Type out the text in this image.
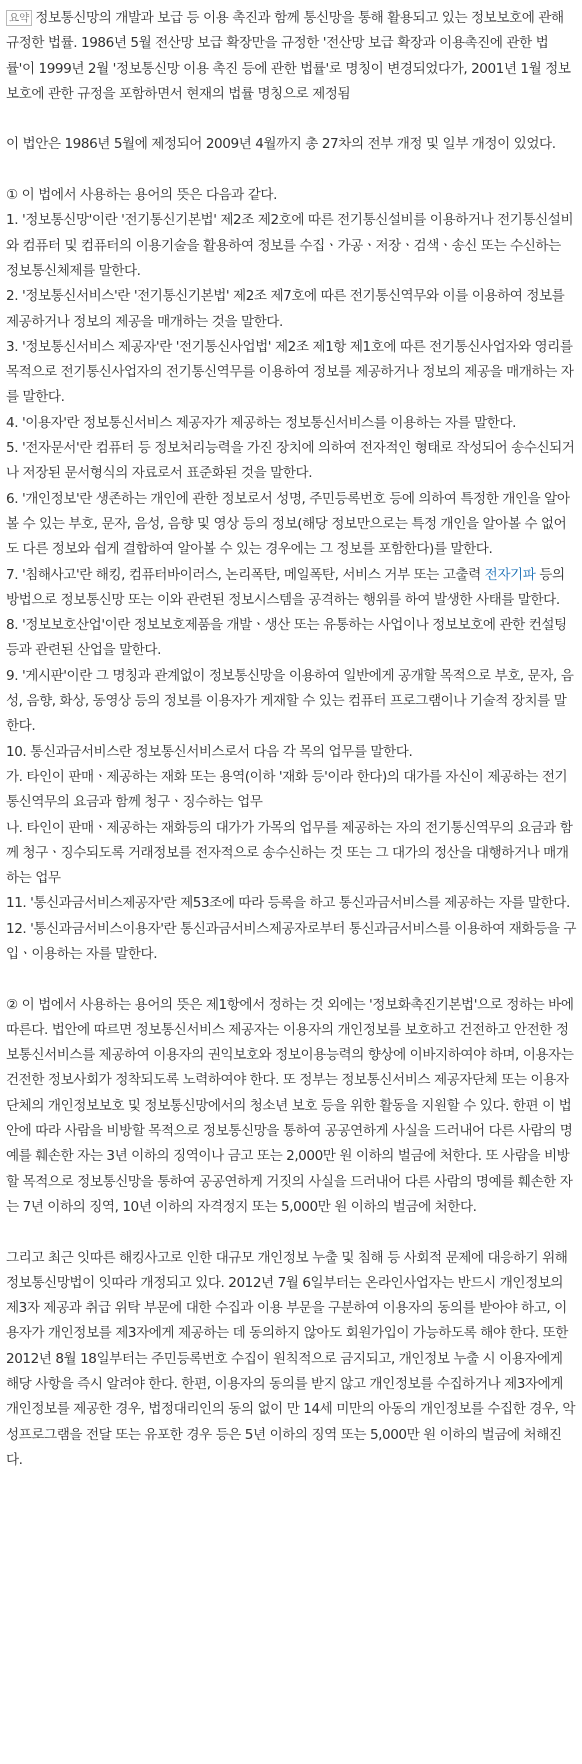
요약 정보통신망의 개발과 보급 등 이용 촉진과 함께 통신망을 통해 활용되고 있는 정보보호에 관해 규정한 법률. 1986년 5월 전산망 보급 확장만을 규정한 '전산망 보급 확장과 이용촉진에 관한 법률'이 1999년 2월 '정보통신망 이용 촉진 등에 관한 법률'로 명칭이 변경되었다가, 2001년 1월 정보보호에 관한 규정을 포함하면서 현재의 법률 명칭으로 제정됨

이 법안은 1986년 5월에 제정되어 2009년 4월까지 총 27차의 전부 개정 및 일부 개정이 있었다.

① 이 법에서 사용하는 용어의 뜻은 다음과 같다.

1. '정보통신망'이란 '전기통신기본법' 제2조 제2호에 따른 전기통신설비를 이용하거나 전기통신설비와 컴퓨터 및 컴퓨터의 이용기술을 활용하여 정보를 수집ㆍ가공ㆍ저장ㆍ검색ㆍ송신 또는 수신하는 정보통신체제를 말한다.

2. '정보통신서비스'란 '전기통신기본법' 제2조 제7호에 따른 전기통신역무와 이를 이용하여 정보를 제공하거나 정보의 제공을 매개하는 것을 말한다.

3. '정보통신서비스 제공자'란 '전기통신사업법' 제2조 제1항 제1호에 따른 전기통신사업자와 영리를 목적으로 전기통신사업자의 전기통신역무를 이용하여 정보를 제공하거나 정보의 제공을 매개하는 자를 말한다.

4. '이용자'란 정보통신서비스 제공자가 제공하는 정보통신서비스를 이용하는 자를 말한다.

5. '전자문서'란 컴퓨터 등 정보처리능력을 가진 장치에 의하여 전자적인 형태로 작성되어 송수신되거나 저장된 문서형식의 자료로서 표준화된 것을 말한다.

6. '개인정보'란 생존하는 개인에 관한 정보로서 성명, 주민등록번호 등에 의하여 특정한 개인을 알아볼 수 있는 부호, 문자, 음성, 음향 및 영상 등의 정보(해당 정보만으로는 특정 개인을 알아볼 수 없어도 다른 정보와 쉽게 결합하여 알아볼 수 있는 경우에는 그 정보를 포함한다)를 말한다.

7. '침해사고'란 해킹, 컴퓨터바이러스, 논리폭탄, 메일폭탄, 서비스 거부 또는 고출력 전자기파 등의 방법으로 정보통신망 또는 이와 관련된 정보시스템을 공격하는 행위를 하여 발생한 사태를 말한다.

8. '정보보호산업'이란 정보보호제품을 개발ㆍ생산 또는 유통하는 사업이나 정보보호에 관한 컨설팅 등과 관련된 산업을 말한다.

9. '게시판'이란 그 명칭과 관계없이 정보통신망을 이용하여 일반에게 공개할 목적으로 부호, 문자, 음성, 음향, 화상, 동영상 등의 정보를 이용자가 게재할 수 있는 컴퓨터 프로그램이나 기술적 장치를 말한다.

10. 통신과금서비스란 정보통신서비스로서 다음 각 목의 업무를 말한다.

가. 타인이 판매ㆍ제공하는 재화 또는 용역(이하 '재화 등'이라 한다)의 대가를 자신이 제공하는 전기통신역무의 요금과 함께 청구ㆍ징수하는 업무

나. 타인이 판매ㆍ제공하는 재화등의 대가가 가목의 업무를 제공하는 자의 전기통신역무의 요금과 함께 청구ㆍ징수되도록 거래정보를 전자적으로 송수신하는 것 또는 그 대가의 정산을 대행하거나 매개하는 업무

11. '통신과금서비스제공자'란 제53조에 따라 등록을 하고 통신과금서비스를 제공하는 자를 말한다.

12. '통신과금서비스이용자'란 통신과금서비스제공자로부터 통신과금서비스를 이용하여 재화등을 구입ㆍ이용하는 자를 말한다.

② 이 법에서 사용하는 용어의 뜻은 제1항에서 정하는 것 외에는 '정보화촉진기본법'으로 정하는 바에 따른다. 법안에 따르면 정보통신서비스 제공자는 이용자의 개인정보를 보호하고 건전하고 안전한 정보통신서비스를 제공하여 이용자의 권익보호와 정보이용능력의 향상에 이바지하여야 하며, 이용자는 건전한 정보사회가 정착되도록 노력하여야 한다. 또 정부는 정보통신서비스 제공자단체 또는 이용자단체의 개인정보보호 및 정보통신망에서의 청소년 보호 등을 위한 활동을 지원할 수 있다. 한편 이 법안에 따라 사람을 비방할 목적으로 정보통신망을 통하여 공공연하게 사실을 드러내어 다른 사람의 명예를 훼손한 자는 3년 이하의 징역이나 금고 또는 2,000만 원 이하의 벌금에 처한다. 또 사람을 비방할 목적으로 정보통신망을 통하여 공공연하게 거짓의 사실을 드러내어 다른 사람의 명예를 훼손한 자는 7년 이하의 징역, 10년 이하의 자격정지 또는 5,000만 원 이하의 벌금에 처한다.

그리고 최근 잇따른 해킹사고로 인한 대규모 개인정보 누출 및 침해 등 사회적 문제에 대응하기 위해 정보통신망법이 잇따라 개정되고 있다. 2012년 7월 6일부터는 온라인사업자는 반드시 개인정보의 제3자 제공과 취급 위탁 부문에 대한 수집과 이용 부문을 구분하여 이용자의 동의를 받아야 하고, 이용자가 개인정보를 제3자에게 제공하는 데 동의하지 않아도 회원가입이 가능하도록 해야 한다. 또한 2012년 8월 18일부터는 주민등록번호 수집이 원칙적으로 금지되고, 개인정보 누출 시 이용자에게 해당 사항을 즉시 알려야 한다. 한편, 이용자의 동의를 받지 않고 개인정보를 수집하거나 제3자에게 개인정보를 제공한 경우, 법정대리인의 동의 없이 만 14세 미만의 아동의 개인정보를 수집한 경우, 악성프로그램을 전달 또는 유포한 경우 등은 5년 이하의 징역 또는 5,000만 원 이하의 벌금에 처해진다.
